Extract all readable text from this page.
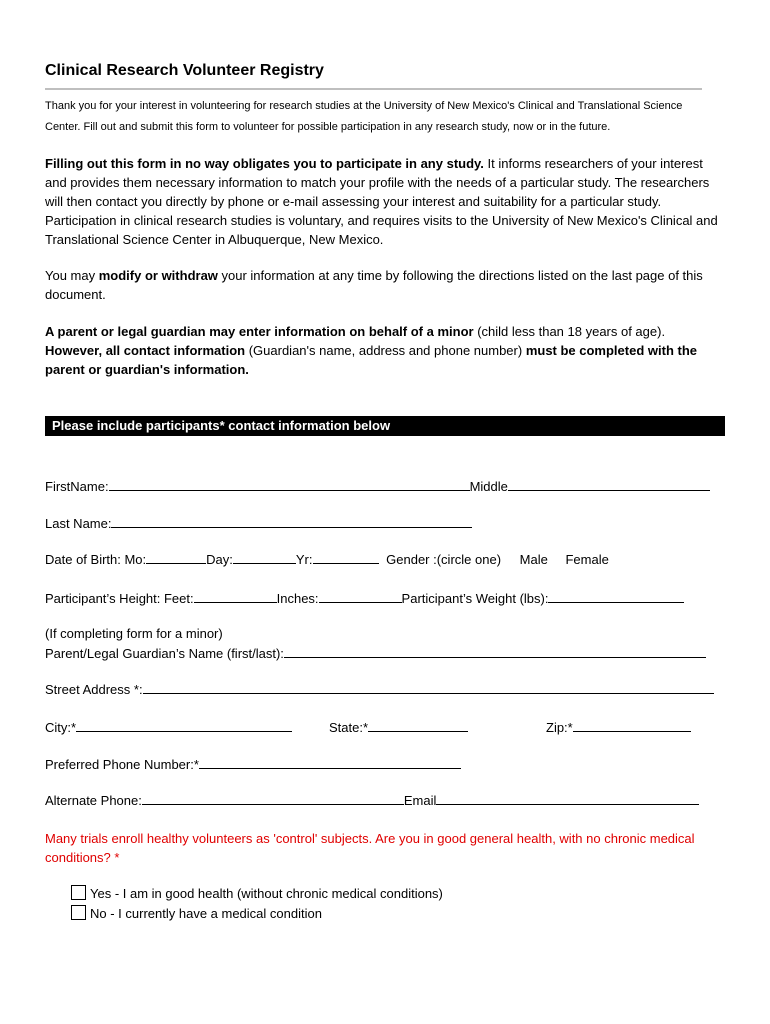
Clinical Research Volunteer Registry
Thank you for your interest in volunteering for research studies at the University of New Mexico's Clinical and Translational Science Center. Fill out and submit this form to volunteer for possible participation in any research study, now or in the future.

Filling out this form in no way obligates you to participate in any study. It informs researchers of your interest and provides them necessary information to match your profile with the needs of a particular study. The researchers will then contact you directly by phone or e-mail assessing your interest and suitability for a particular study. Participation in clinical research studies is voluntary, and requires visits to the University of New Mexico's Clinical and Translational Science Center in Albuquerque, New Mexico.

You may modify or withdraw your information at any time by following the directions listed on the last page of this document.

A parent or legal guardian may enter information on behalf of a minor (child less than 18 years of age). However, all contact information (Guardian's name, address and phone number) must be completed with the parent or guardian's information.

Please include participants* contact information below
FirstName:	Middle
Last Name:
Date of Birth: Mo:	Day:	Yr:	Gender :(circle one) Male Female
Participant’s Height: Feet:	Inches:	Participant’s Weight (lbs):
(If completing form for a minor)
Parent/Legal Guardian’s Name (first/last):
Street Address *:
City:*	State:*	Zip:*
Preferred Phone Number:*
Alternate Phone:	Email
Many trials enroll healthy volunteers as 'control' subjects. Are you in good general health, with no chronic medical conditions? *
Yes - I am in good health (without chronic medical conditions)
No - I currently have a medical condition
